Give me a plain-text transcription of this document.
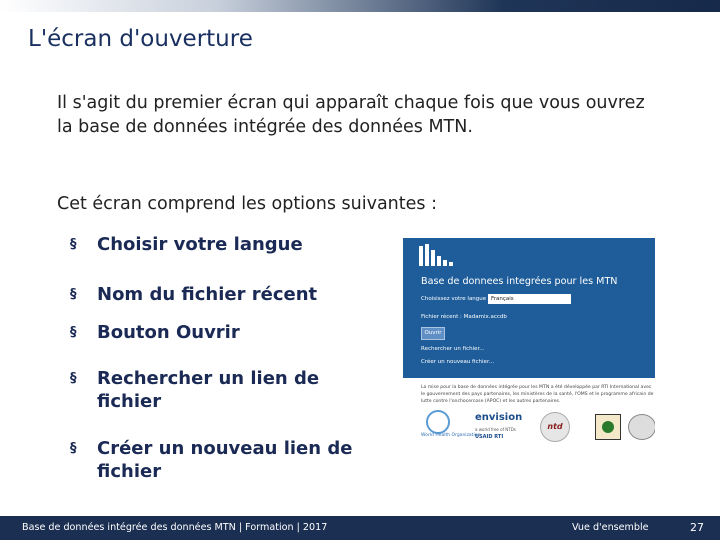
L'écran d'ouverture
Il s'agit du premier écran qui apparaît chaque fois que vous ouvrez la base de données intégrée des données MTN.
Cet écran comprend les options suivantes :
§ Choisir votre langue
§ Nom du fichier récent
§ Bouton Ouvrir
§ Rechercher un lien de fichier
§ Créer un nouveau lien de fichier
Base de donnees integrées pour les MTN
Choisissez votre langue Français
Fichier récent : Madamix.accdb
Ouvrir
Rechercher un fichier...
Créer un nouveau fichier...
La mise pour la base de données intégrée pour les MTN a été développée par RTI International avec le gouvernement des pays partenaires, les ministères de la santé, l'OMS et le programme africain de lutte contre l'onchocercose (APOC) et les autres partenaires.
World Health Organization
envision
a world free of NTDs
USAID RTI
ntd
Base de données intégrée des données MTN | Formation | 2017	Vue d'ensemble	27
